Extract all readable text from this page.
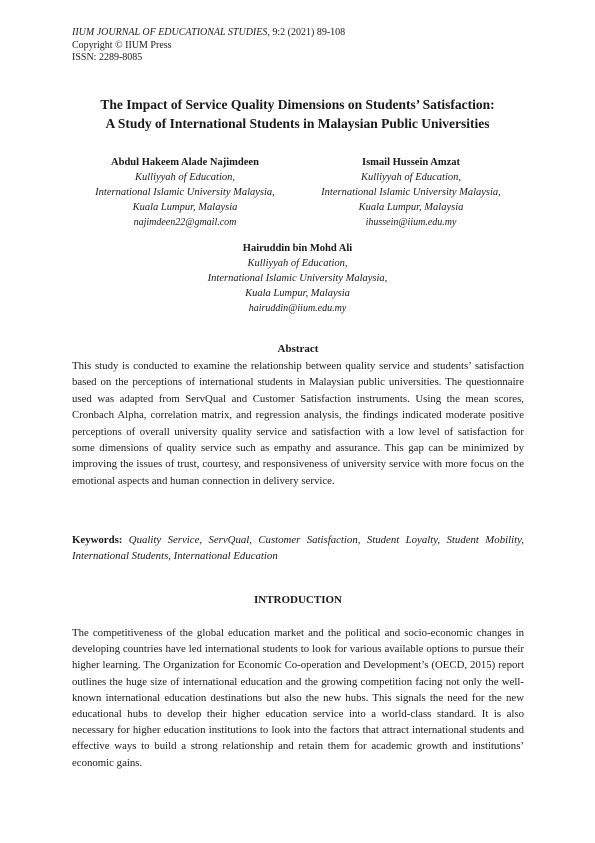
IIUM JOURNAL OF EDUCATIONAL STUDIES, 9:2 (2021) 89-108
Copyright © IIUM Press
ISSN: 2289-8085
The Impact of Service Quality Dimensions on Students’ Satisfaction:
A Study of International Students in Malaysian Public Universities
Abdul Hakeem Alade Najimdeen
Kulliyyah of Education,
International Islamic University Malaysia,
Kuala Lumpur, Malaysia
najimdeen22@gmail.com
Ismail Hussein Amzat
Kulliyyah of Education,
International Islamic University Malaysia,
Kuala Lumpur, Malaysia
ihussein@iium.edu.my
Hairuddin bin Mohd Ali
Kulliyyah of Education,
International Islamic University Malaysia,
Kuala Lumpur, Malaysia
hairuddin@iium.edu.my
Abstract
This study is conducted to examine the relationship between quality service and students’ satisfaction based on the perceptions of international students in Malaysian public universities. The questionnaire used was adapted from ServQual and Customer Satisfaction instruments. Using the mean scores, Cronbach Alpha, correlation matrix, and regression analysis, the findings indicated moderate positive perceptions of overall university quality service and satisfaction with a low level of satisfaction for some dimensions of quality service such as empathy and assurance. This gap can be minimized by improving the issues of trust, courtesy, and responsiveness of university service with more focus on the emotional aspects and human connection in delivery service.
Keywords: Quality Service, ServQual, Customer Satisfaction, Student Loyalty, Student Mobility, International Students, International Education
INTRODUCTION
The competitiveness of the global education market and the political and socio-economic changes in developing countries have led international students to look for various available options to pursue their higher learning. The Organization for Economic Co-operation and Development’s (OECD, 2015) report outlines the huge size of international education and the growing competition facing not only the well-known international education destinations but also the new hubs. This signals the need for the new educational hubs to develop their higher education service into a world-class standard. It is also necessary for higher education institutions to look into the factors that attract international students and effective ways to build a strong relationship and retain them for academic growth and institutions’ economic gains.
